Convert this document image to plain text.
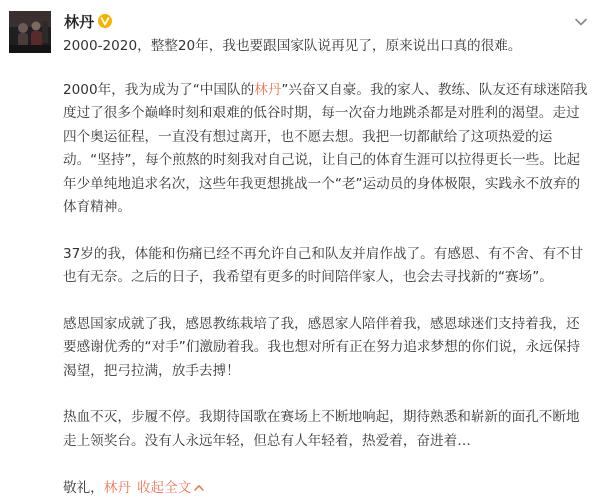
林丹

2000-2020，整整20年，我也要跟国家队说再见了，原来说出口真的很难。

2000年，我为成为了“中国队的林丹”兴奋又自豪。我的家人、教练、队友还有球迷陪我度过了很多个巅峰时刻和艰难的低谷时期，每一次奋力地跳杀都是对胜利的渴望。走过四个奥运征程，一直没有想过离开，也不愿去想。我把一切都献给了这项热爱的运动。“坚持”，每个煎熬的时刻我对自己说，让自己的体育生涯可以拉得更长一些。比起年少单纯地追求名次，这些年我更想挑战一个“老”运动员的身体极限，实践永不放弃的体育精神。

37岁的我，体能和伤痛已经不再允许自己和队友并肩作战了。有感恩、有不舍、有不甘也有无奈。之后的日子，我希望有更多的时间陪伴家人，也会去寻找新的“赛场”。

感恩国家成就了我，感恩教练栽培了我，感恩家人陪伴着我，感恩球迷们支持着我，还要感谢优秀的“对手”们激励着我。我也想对所有正在努力追求梦想的你们说，永远保持渴望，把弓拉满，放手去搏！

热血不灭，步履不停。我期待国歌在赛场上不断地响起，期待熟悉和崭新的面孔不断地走上领奖台。没有人永远年轻，但总有人年轻着，热爱着，奋进着…

敬礼，林丹 收起全文
